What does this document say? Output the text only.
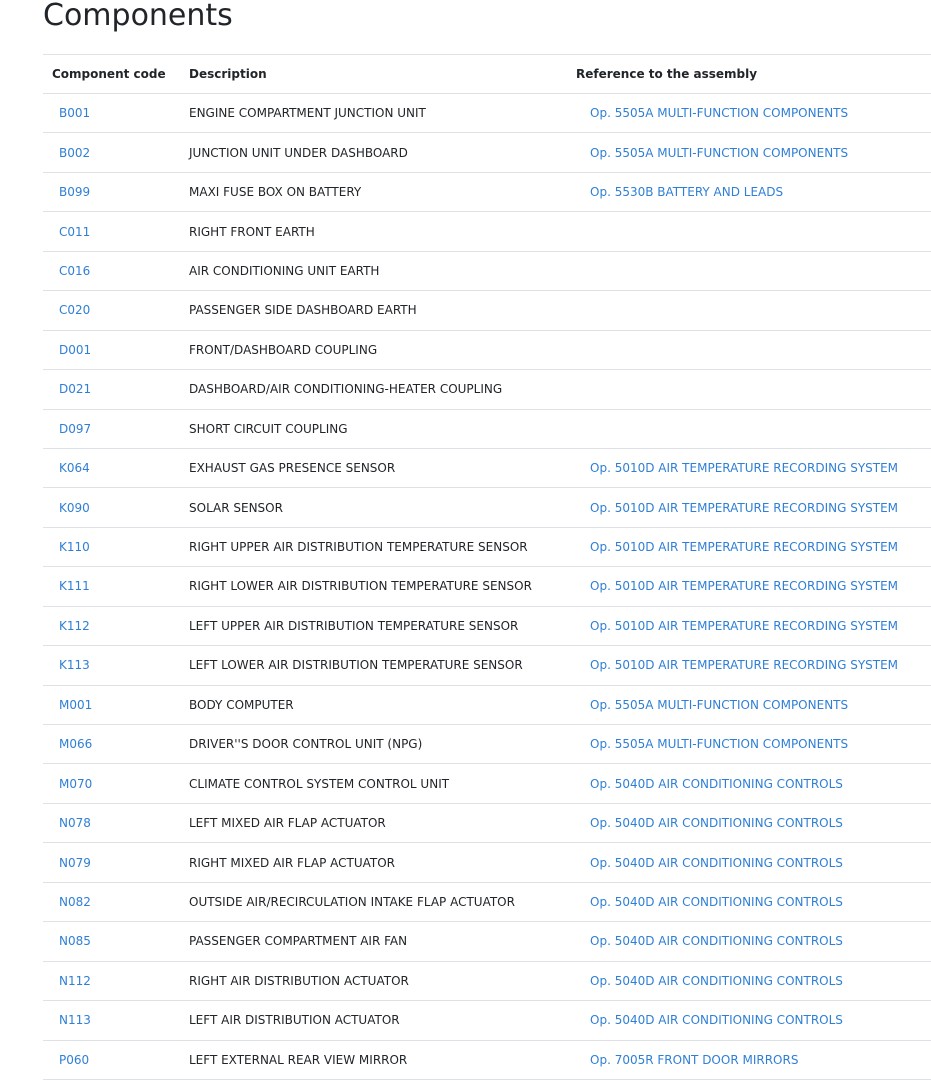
Components
Component code	Description	Reference to the assembly
B001	ENGINE COMPARTMENT JUNCTION UNIT	Op. 5505A MULTI-FUNCTION COMPONENTS
B002	JUNCTION UNIT UNDER DASHBOARD	Op. 5505A MULTI-FUNCTION COMPONENTS
B099	MAXI FUSE BOX ON BATTERY	Op. 5530B BATTERY AND LEADS
C011	RIGHT FRONT EARTH	
C016	AIR CONDITIONING UNIT EARTH	
C020	PASSENGER SIDE DASHBOARD EARTH	
D001	FRONT/DASHBOARD COUPLING	
D021	DASHBOARD/AIR CONDITIONING-HEATER COUPLING	
D097	SHORT CIRCUIT COUPLING	
K064	EXHAUST GAS PRESENCE SENSOR	Op. 5010D AIR TEMPERATURE RECORDING SYSTEM
K090	SOLAR SENSOR	Op. 5010D AIR TEMPERATURE RECORDING SYSTEM
K110	RIGHT UPPER AIR DISTRIBUTION TEMPERATURE SENSOR	Op. 5010D AIR TEMPERATURE RECORDING SYSTEM
K111	RIGHT LOWER AIR DISTRIBUTION TEMPERATURE SENSOR	Op. 5010D AIR TEMPERATURE RECORDING SYSTEM
K112	LEFT UPPER AIR DISTRIBUTION TEMPERATURE SENSOR	Op. 5010D AIR TEMPERATURE RECORDING SYSTEM
K113	LEFT LOWER AIR DISTRIBUTION TEMPERATURE SENSOR	Op. 5010D AIR TEMPERATURE RECORDING SYSTEM
M001	BODY COMPUTER	Op. 5505A MULTI-FUNCTION COMPONENTS
M066	DRIVER''S DOOR CONTROL UNIT (NPG)	Op. 5505A MULTI-FUNCTION COMPONENTS
M070	CLIMATE CONTROL SYSTEM CONTROL UNIT	Op. 5040D AIR CONDITIONING CONTROLS
N078	LEFT MIXED AIR FLAP ACTUATOR	Op. 5040D AIR CONDITIONING CONTROLS
N079	RIGHT MIXED AIR FLAP ACTUATOR	Op. 5040D AIR CONDITIONING CONTROLS
N082	OUTSIDE AIR/RECIRCULATION INTAKE FLAP ACTUATOR	Op. 5040D AIR CONDITIONING CONTROLS
N085	PASSENGER COMPARTMENT AIR FAN	Op. 5040D AIR CONDITIONING CONTROLS
N112	RIGHT AIR DISTRIBUTION ACTUATOR	Op. 5040D AIR CONDITIONING CONTROLS
N113	LEFT AIR DISTRIBUTION ACTUATOR	Op. 5040D AIR CONDITIONING CONTROLS
P060	LEFT EXTERNAL REAR VIEW MIRROR	Op. 7005R FRONT DOOR MIRRORS
